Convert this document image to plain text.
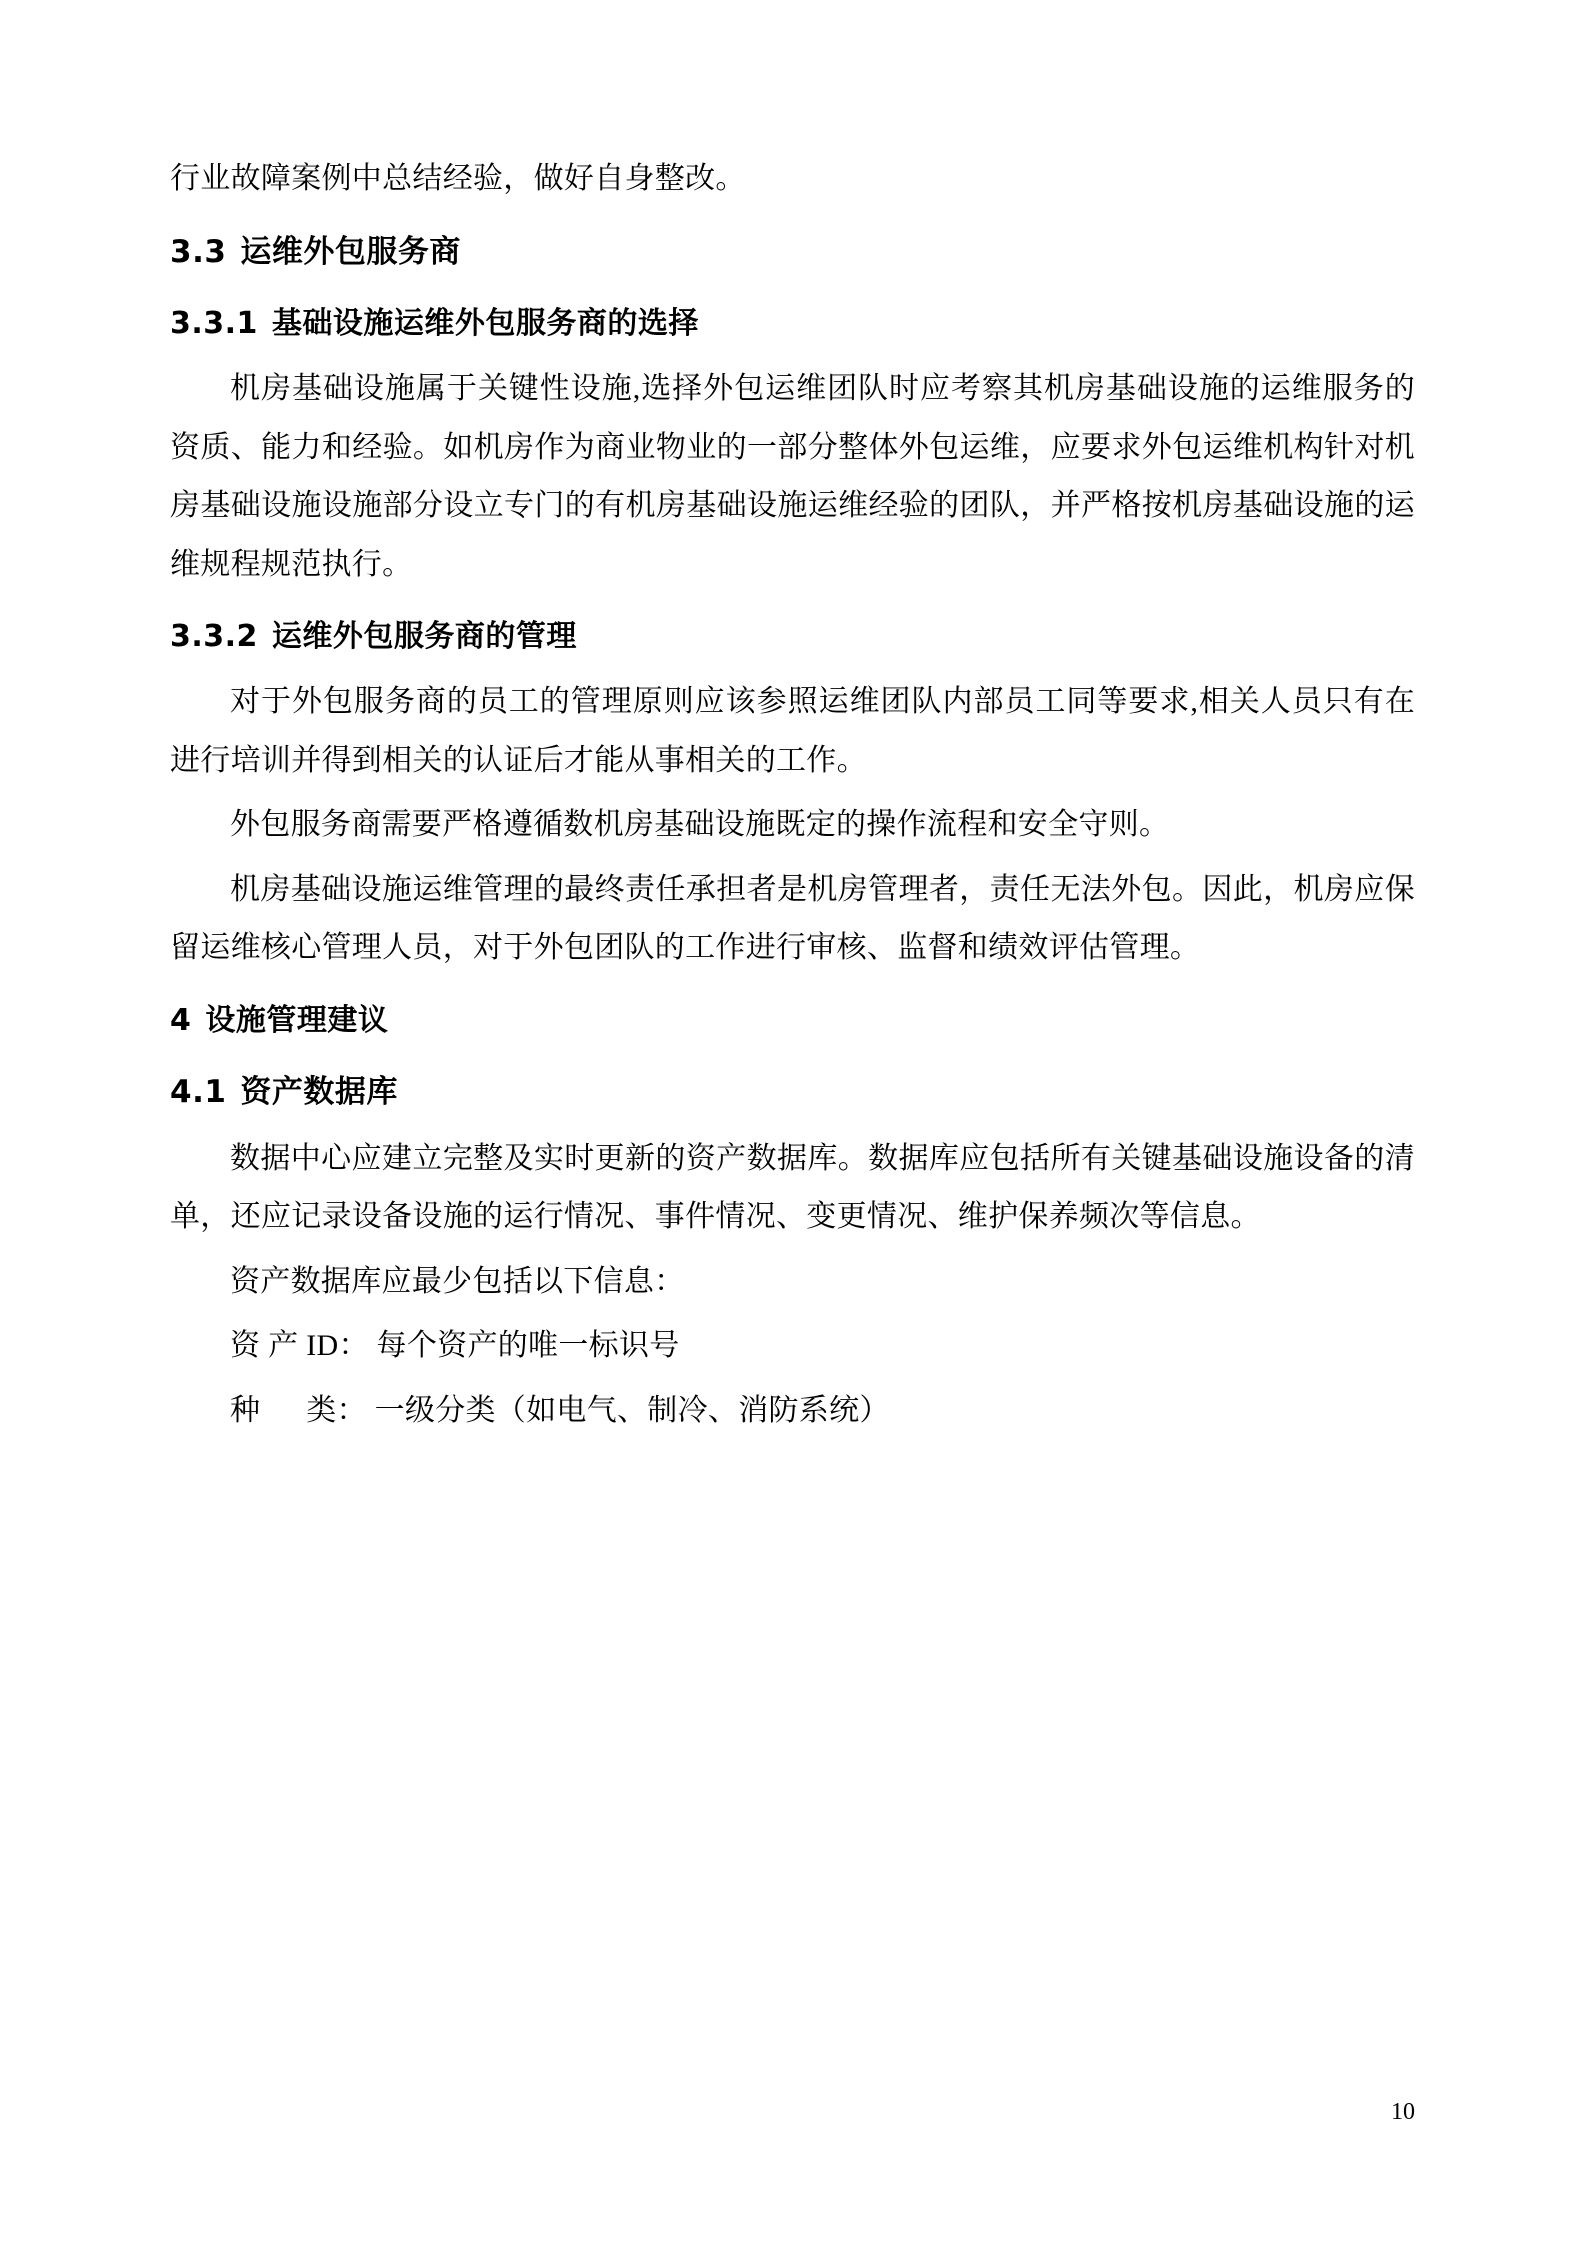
行业故障案例中总结经验，做好自身整改。

3.3 运维外包服务商
3.3.1 基础设施运维外包服务商的选择

机房基础设施属于关键性设施,选择外包运维团队时应考察其机房基础设施的运维服务的资质、能力和经验。如机房作为商业物业的一部分整体外包运维，应要求外包运维机构针对机房基础设施设施部分设立专门的有机房基础设施运维经验的团队，并严格按机房基础设施的运维规程规范执行。

3.3.2 运维外包服务商的管理

对于外包服务商的员工的管理原则应该参照运维团队内部员工同等要求,相关人员只有在进行培训并得到相关的认证后才能从事相关的工作。

外包服务商需要严格遵循数机房基础设施既定的操作流程和安全守则。

机房基础设施运维管理的最终责任承担者是机房管理者，责任无法外包。因此，机房应保留运维核心管理人员，对于外包团队的工作进行审核、监督和绩效评估管理。

4 设施管理建议
4.1 资产数据库

数据中心应建立完整及实时更新的资产数据库。数据库应包括所有关键基础设施设备的清单，还应记录设备设施的运行情况、事件情况、变更情况、维护保养频次等信息。

资产数据库应最少包括以下信息：

资 产 ID： 每个资产的唯一标识号

种 　 类： 一级分类（如电气、制冷、消防系统）

10
